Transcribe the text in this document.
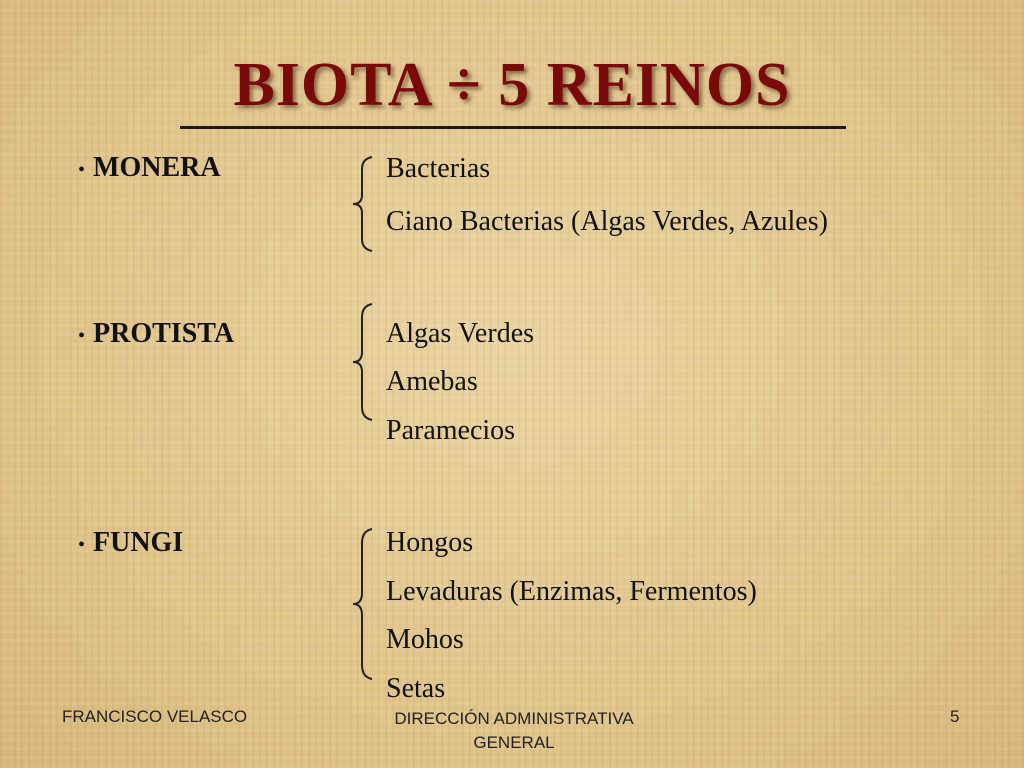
BIOTA ÷ 5 REINOS
• MONERA	Bacterias
Ciano Bacterias (Algas Verdes, Azules)
• PROTISTA	Algas Verdes
Amebas
Paramecios
• FUNGI	Hongos
Levaduras (Enzimas, Fermentos)
Mohos
Setas
FRANCISCO VELASCO	DIRECCIÓN ADMINISTRATIVA GENERAL
5
